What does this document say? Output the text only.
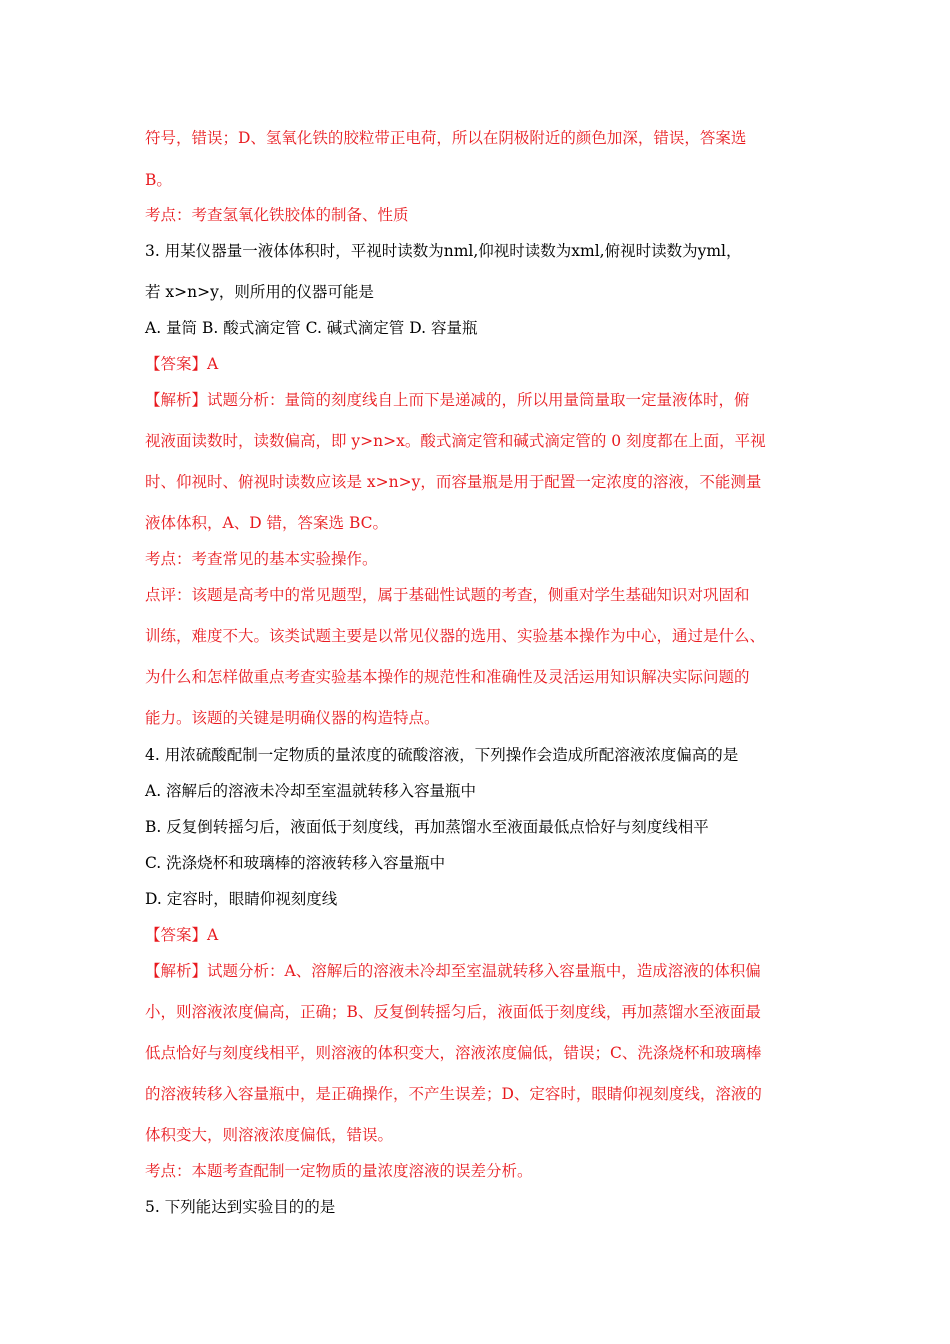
符号，错误；D、氢氧化铁的胶粒带正电荷，所以在阴极附近的颜色加深，错误，答案选
B。
考点：考查氢氧化铁胶体的制备、性质
3. 用某仪器量一液体体积时，平视时读数为nml,仰视时读数为xml,俯视时读数为yml，
若 x>n>y，则所用的仪器可能是
A. 量筒 B. 酸式滴定管 C. 碱式滴定管 D. 容量瓶
【答案】A
【解析】试题分析：量筒的刻度线自上而下是递减的，所以用量筒量取一定量液体时，俯
视液面读数时，读数偏高，即 y>n>x。酸式滴定管和碱式滴定管的 0 刻度都在上面，平视
时、仰视时、俯视时读数应该是 x>n>y，而容量瓶是用于配置一定浓度的溶液，不能测量
液体体积，A、D 错，答案选 BC。
考点：考查常见的基本实验操作。
点评：该题是高考中的常见题型，属于基础性试题的考查，侧重对学生基础知识对巩固和
训练，难度不大。该类试题主要是以常见仪器的选用、实验基本操作为中心，通过是什么、
为什么和怎样做重点考查实验基本操作的规范性和准确性及灵活运用知识解决实际问题的
能力。该题的关键是明确仪器的构造特点。
4. 用浓硫酸配制一定物质的量浓度的硫酸溶液，下列操作会造成所配溶液浓度偏高的是
A. 溶解后的溶液未冷却至室温就转移入容量瓶中
B. 反复倒转摇匀后，液面低于刻度线，再加蒸馏水至液面最低点恰好与刻度线相平
C. 洗涤烧杯和玻璃棒的溶液转移入容量瓶中
D. 定容时，眼睛仰视刻度线
【答案】A
【解析】试题分析：A、溶解后的溶液未冷却至室温就转移入容量瓶中，造成溶液的体积偏
小，则溶液浓度偏高，正确；B、反复倒转摇匀后，液面低于刻度线，再加蒸馏水至液面最
低点恰好与刻度线相平，则溶液的体积变大，溶液浓度偏低，错误；C、洗涤烧杯和玻璃棒
的溶液转移入容量瓶中，是正确操作，不产生误差；D、定容时，眼睛仰视刻度线，溶液的
体积变大，则溶液浓度偏低，错误。
考点：本题考查配制一定物质的量浓度溶液的误差分析。
5. 下列能达到实验目的的是
